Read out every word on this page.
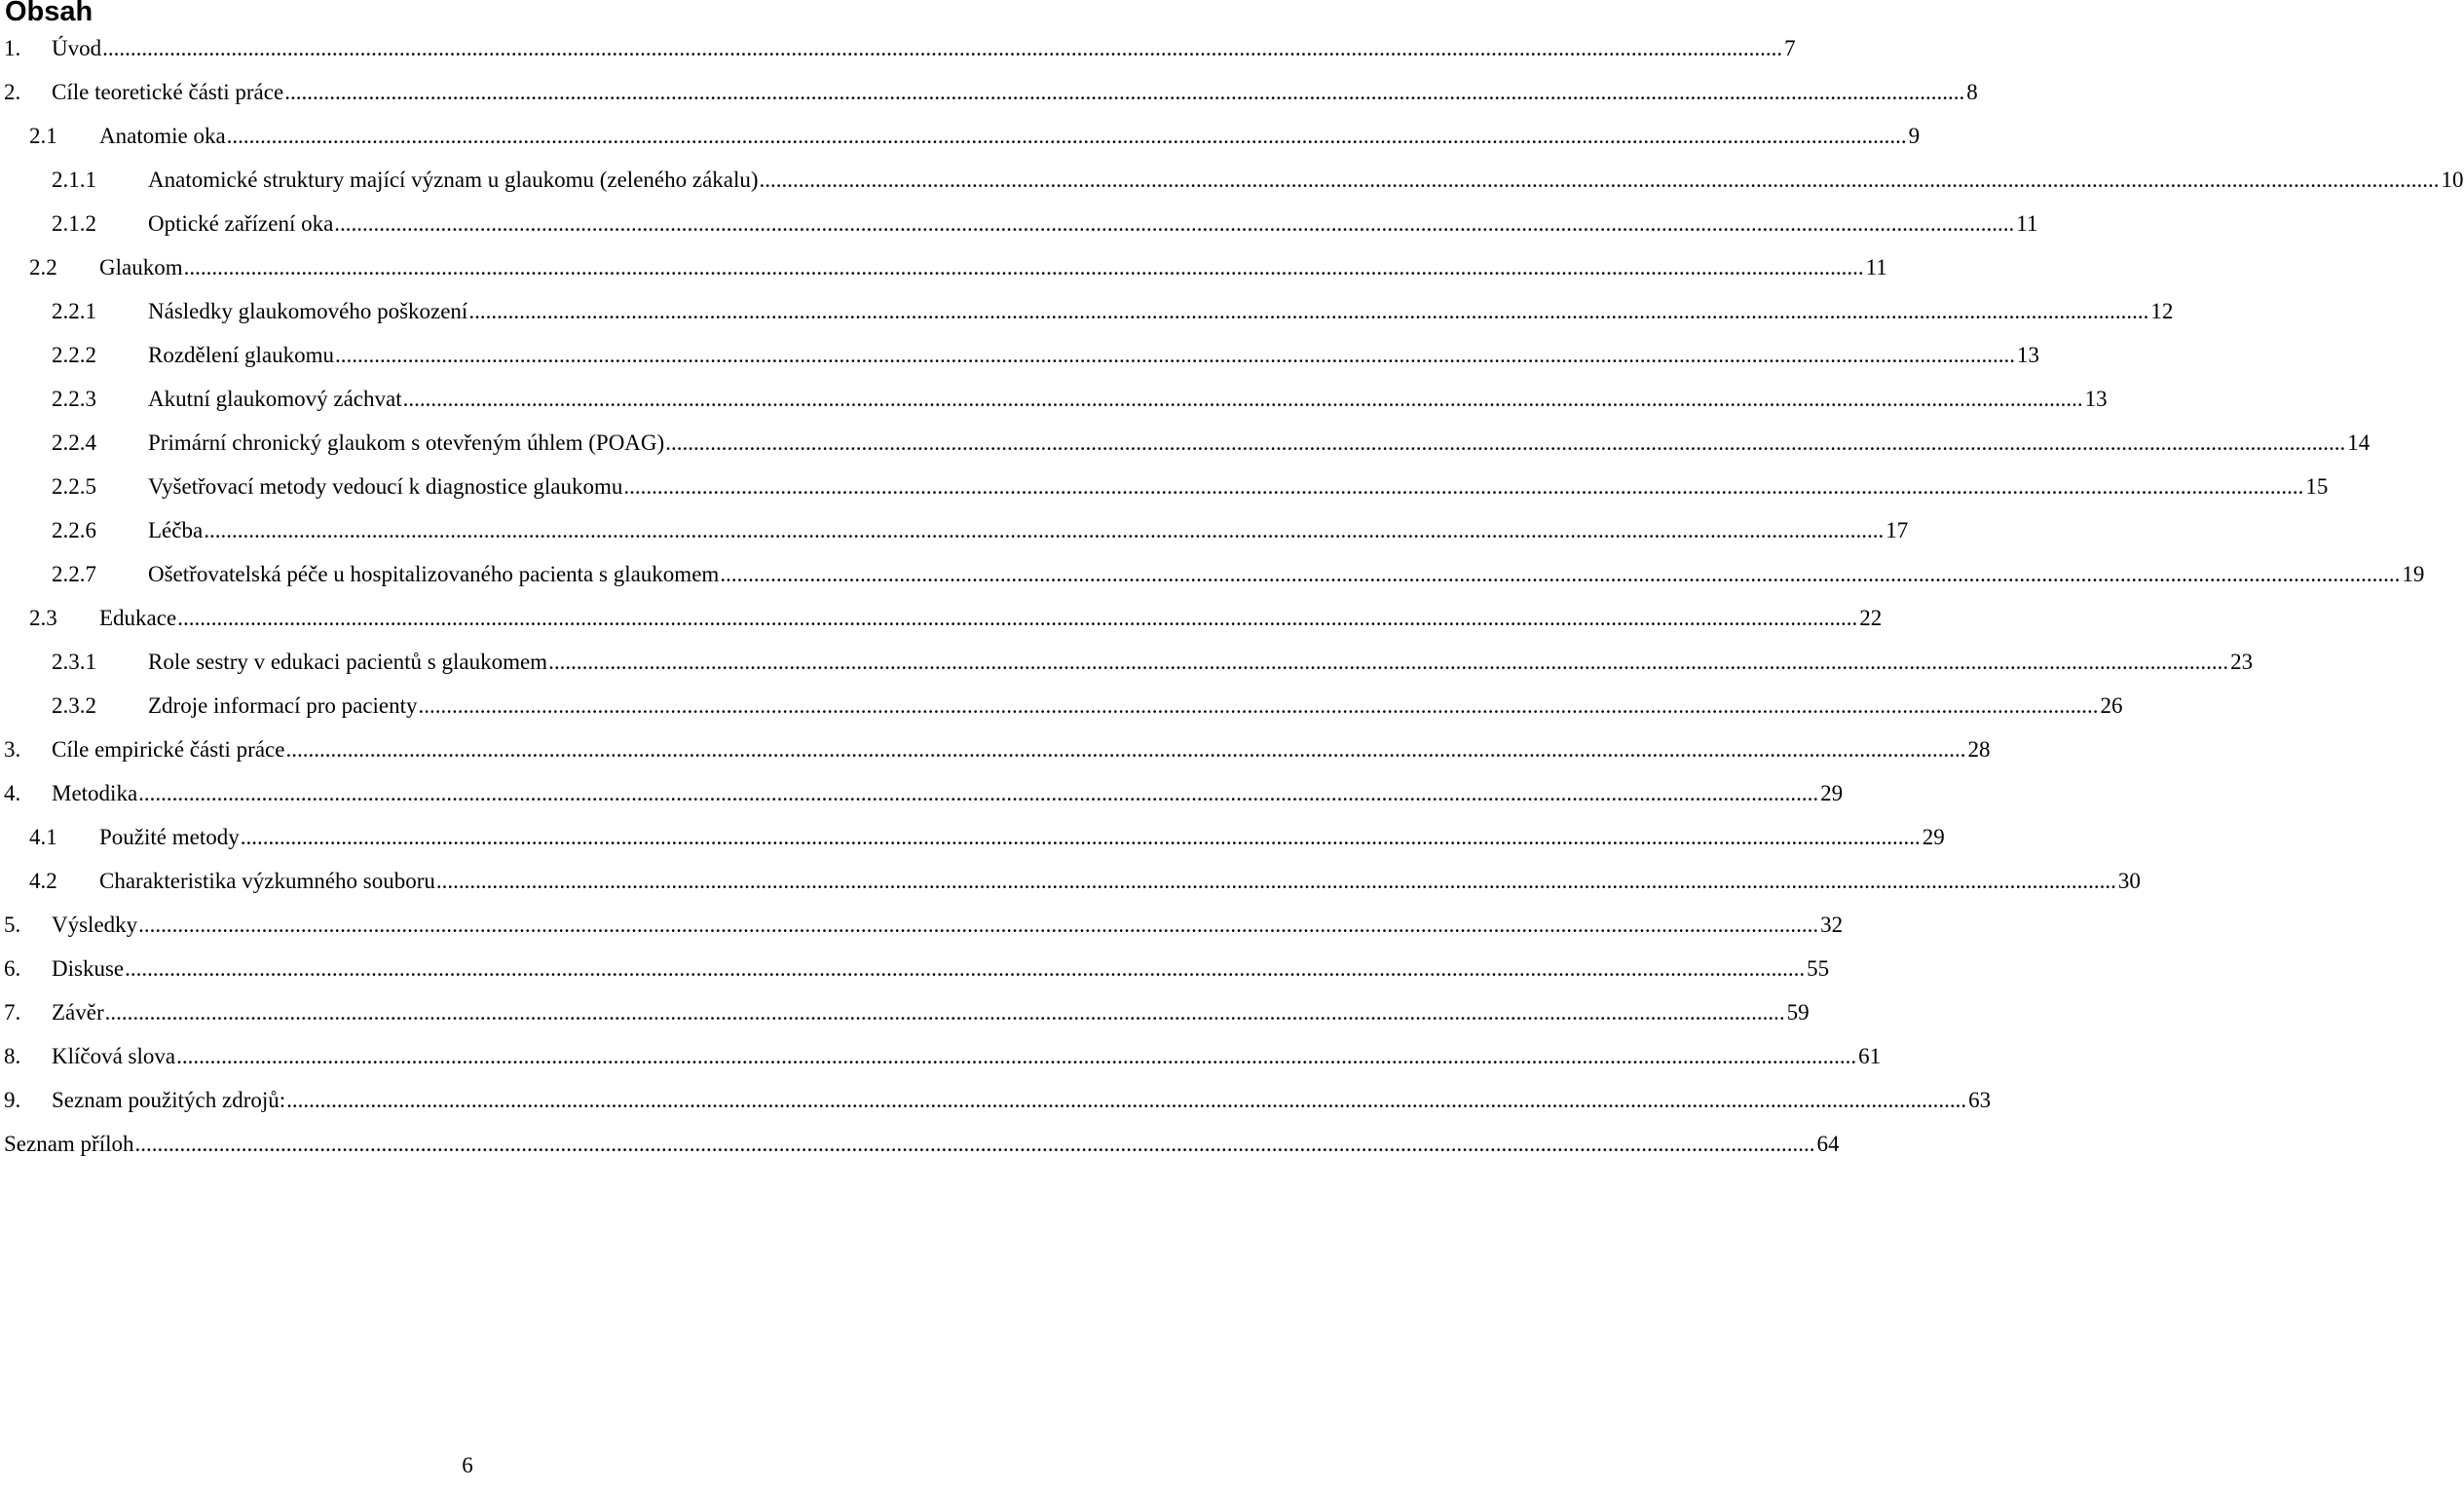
Obsah
1. Úvod ............................................................................................................................................................................................................................................................................................................ 7
2. Cíle teoretické části práce ............................................................................................................................................................................................................................................................................................................ 8
2.1 Anatomie oka ............................................................................................................................................................................................................................................................................................................ 9
2.1.1 Anatomické struktury mající význam u glaukomu (zeleného zákalu) ............................................................................................................................................................................................................................................................................................................ 10
2.1.2 Optické zařízení oka ............................................................................................................................................................................................................................................................................................................ 11
2.2 Glaukom ............................................................................................................................................................................................................................................................................................................ 11
2.2.1 Následky glaukomového poškození ............................................................................................................................................................................................................................................................................................................ 12
2.2.2 Rozdělení glaukomu ............................................................................................................................................................................................................................................................................................................ 13
2.2.3 Akutní glaukomový záchvat ............................................................................................................................................................................................................................................................................................................ 13
2.2.4 Primární chronický glaukom s otevřeným úhlem (POAG) ............................................................................................................................................................................................................................................................................................................ 14
2.2.5 Vyšetřovací metody vedoucí k diagnostice glaukomu ............................................................................................................................................................................................................................................................................................................ 15
2.2.6 Léčba ............................................................................................................................................................................................................................................................................................................ 17
2.2.7 Ošetřovatelská péče u hospitalizovaného pacienta s glaukomem ............................................................................................................................................................................................................................................................................................................ 19
2.3 Edukace ............................................................................................................................................................................................................................................................................................................ 22
2.3.1 Role sestry v edukaci pacientů s glaukomem ............................................................................................................................................................................................................................................................................................................ 23
2.3.2 Zdroje informací pro pacienty ............................................................................................................................................................................................................................................................................................................ 26
3. Cíle empirické části práce ............................................................................................................................................................................................................................................................................................................ 28
4. Metodika ............................................................................................................................................................................................................................................................................................................ 29
4.1 Použité metody ............................................................................................................................................................................................................................................................................................................ 29
4.2 Charakteristika výzkumného souboru ............................................................................................................................................................................................................................................................................................................ 30
5. Výsledky ............................................................................................................................................................................................................................................................................................................ 32
6. Diskuse ............................................................................................................................................................................................................................................................................................................ 55
7. Závěr ............................................................................................................................................................................................................................................................................................................ 59
8. Klíčová slova ............................................................................................................................................................................................................................................................................................................ 61
9. Seznam použitých zdrojů: ............................................................................................................................................................................................................................................................................................................ 63
Seznam příloh ............................................................................................................................................................................................................................................................................................................ 64
6
